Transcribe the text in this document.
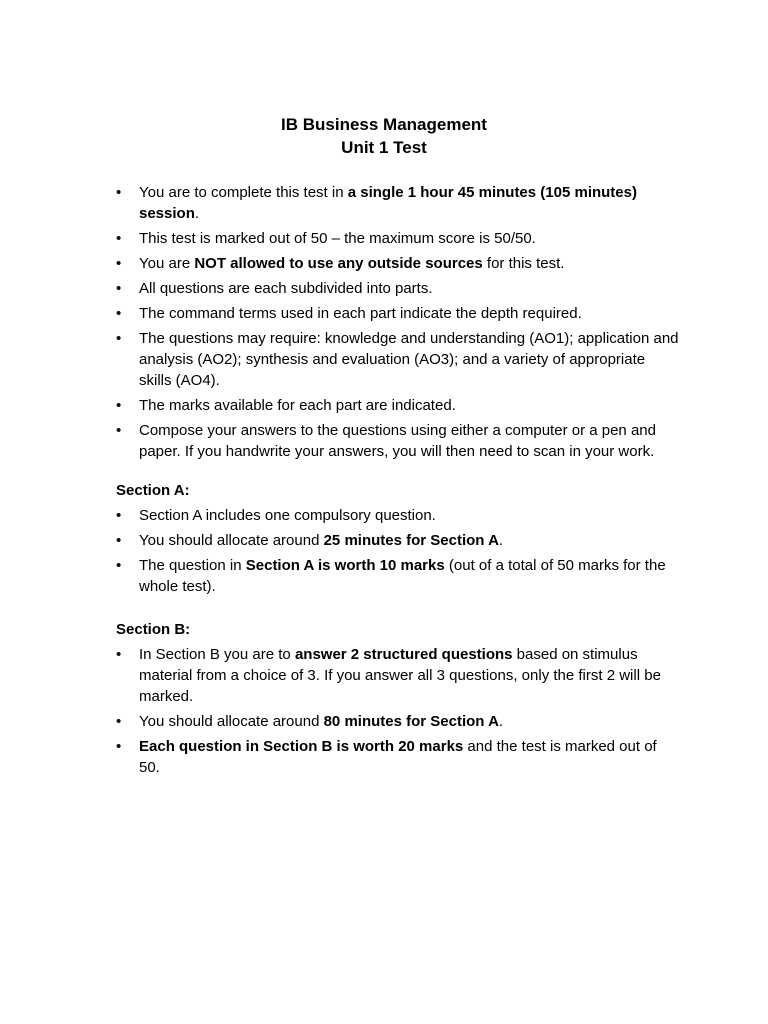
IB Business Management
Unit 1 Test
• You are to complete this test in a single 1 hour 45 minutes (105 minutes) session.
• This test is marked out of 50 – the maximum score is 50/50.
• You are NOT allowed to use any outside sources for this test.
• All questions are each subdivided into parts.
• The command terms used in each part indicate the depth required.
• The questions may require: knowledge and understanding (AO1); application and analysis (AO2); synthesis and evaluation (AO3); and a variety of appropriate skills (AO4).
• The marks available for each part are indicated.
• Compose your answers to the questions using either a computer or a pen and paper. If you handwrite your answers, you will then need to scan in your work.
Section A:
• Section A includes one compulsory question.
• You should allocate around 25 minutes for Section A.
• The question in Section A is worth 10 marks (out of a total of 50 marks for the whole test).
Section B:
• In Section B you are to answer 2 structured questions based on stimulus material from a choice of 3. If you answer all 3 questions, only the first 2 will be marked.
• You should allocate around 80 minutes for Section A.
• Each question in Section B is worth 20 marks and the test is marked out of 50.
